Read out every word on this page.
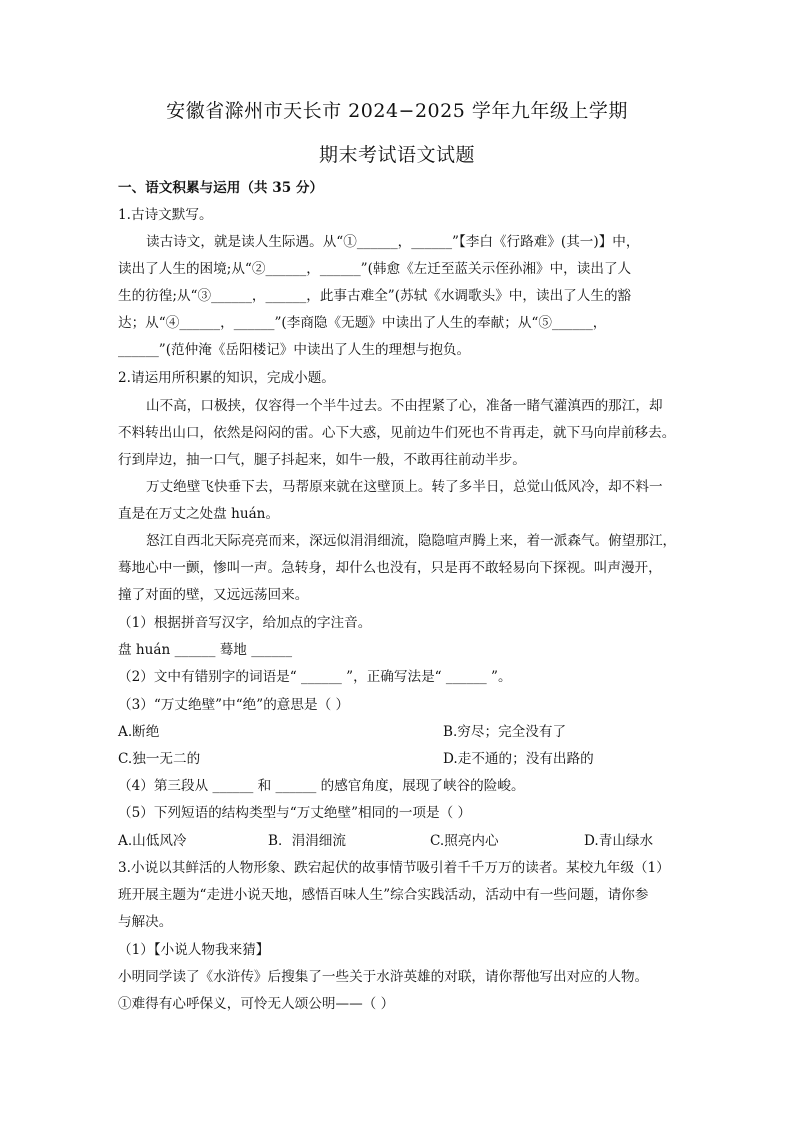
安徽省滁州市天长市 2024−2025 学年九年级上学期
期末考试语文试题
一、语文积累与运用（共 35 分）
1.古诗文默写。
读古诗文，就是读人生际遇。从“①______，______”【李白《行路难》(其一)】中，
读出了人生的困境;从“②______，______”(韩愈《左迁至蓝关示侄孙湘》中，读出了人
生的彷徨;从“③______，______，此事古难全”(苏轼《水调歌头》中，读出了人生的豁
达；从“④______，______”(李商隐《无题》中读出了人生的奉献；从“⑤______，
______”(范仲淹《岳阳楼记》中读出了人生的理想与抱负。
2.请运用所积累的知识，完成小题。
山不高，口极挟，仅容得一个半牛过去。不由捏紧了心，准备一睹气灌滇西的那江，却
不料转出山口，依然是闷闷的雷。心下大惑，见前边牛们死也不肯再走，就下马向岸前移去。
行到岸边，抽一口气，腿子抖起来，如牛一般，不敢再往前动半步。
万丈绝壁飞快垂下去，马帮原来就在这壁顶上。转了多半日，总觉山低风冷，却不料一
直是在万丈之处盘 huán。
怒江自西北天际亮亮而来，深远似涓涓细流，隐隐喧声腾上来，着一派森气。俯望那江，
蓦地心中一颤，惨叫一声。急转身，却什么也没有，只是再不敢轻易向下探视。叫声漫开，
撞了对面的壁，又远远荡回来。
（1）根据拼音写汉字，给加点的字注音。
盘 huán ______ 蓦地 ______
（2）文中有错别字的词语是“ ______ ”，正确写法是“ ______ ”。
（3）“万丈绝壁”中“绝”的意思是（ ）
A.断绝	B.穷尽；完全没有了
C.独一无二的	D.走不通的；没有出路的
（4）第三段从 ______ 和 ______ 的感官角度，展现了峡谷的险峻。
（5）下列短语的结构类型与“万丈绝壁”相同的一项是（ ）
A.山低风冷	B．涓涓细流	C.照亮内心	D.青山绿水
3.小说以其鲜活的人物形象、跌宕起伏的故事情节吸引着千千万万的读者。某校九年级（1）
班开展主题为“走进小说天地，感悟百味人生”综合实践活动，活动中有一些问题，请你参
与解决。
（1）【小说人物我来猜】
小明同学读了《水浒传》后搜集了一些关于水浒英雄的对联，请你帮他写出对应的人物。
①难得有心呼保义，可怜无人颂公明——（ ）
